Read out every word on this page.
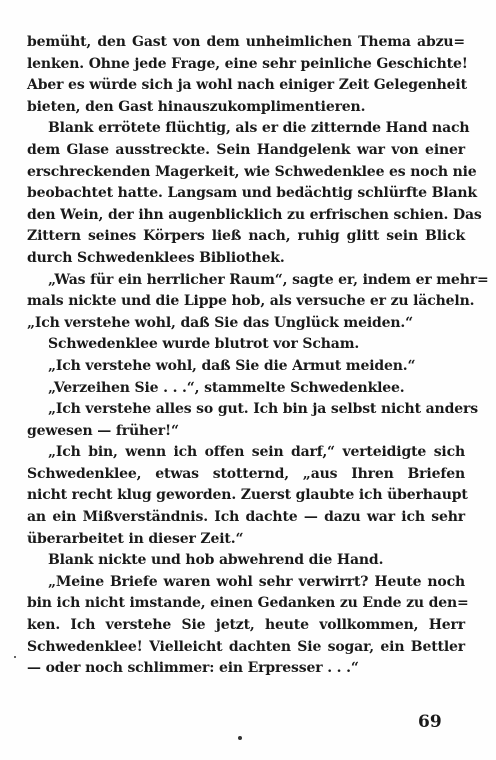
bemüht, den Gast von dem unheimlichen Thema abzu=
lenken. Ohne jede Frage, eine sehr peinliche Geschichte!
Aber es würde sich ja wohl nach einiger Zeit Gelegenheit
bieten, den Gast hinauszukomplimentieren.
Blank errötete flüchtig, als er die zitternde Hand nach
dem Glase ausstreckte. Sein Handgelenk war von einer
erschreckenden Magerkeit, wie Schwedenklee es noch nie
beobachtet hatte. Langsam und bedächtig schlürfte Blank
den Wein, der ihn augenblicklich zu erfrischen schien. Das
Zittern seines Körpers ließ nach, ruhig glitt sein Blick
durch Schwedenklees Bibliothek.
„Was für ein herrlicher Raum“, sagte er, indem er mehr=
mals nickte und die Lippe hob, als versuche er zu lächeln.
„Ich verstehe wohl, daß Sie das Unglück meiden.“
Schwedenklee wurde blutrot vor Scham.
„Ich verstehe wohl, daß Sie die Armut meiden.“
„Verzeihen Sie . . .“, stammelte Schwedenklee.
„Ich verstehe alles so gut. Ich bin ja selbst nicht anders
gewesen — früher!“
„Ich bin, wenn ich offen sein darf,“ verteidigte sich
Schwedenklee, etwas stotternd, „aus Ihren Briefen
nicht recht klug geworden. Zuerst glaubte ich überhaupt
an ein Mißverständnis. Ich dachte — dazu war ich sehr
überarbeitet in dieser Zeit.“
Blank nickte und hob abwehrend die Hand.
„Meine Briefe waren wohl sehr verwirrt? Heute noch
bin ich nicht imstande, einen Gedanken zu Ende zu den=
ken. Ich verstehe Sie jetzt, heute vollkommen, Herr
Schwedenklee! Vielleicht dachten Sie sogar, ein Bettler
— oder noch schlimmer: ein Erpresser . . .“
69
